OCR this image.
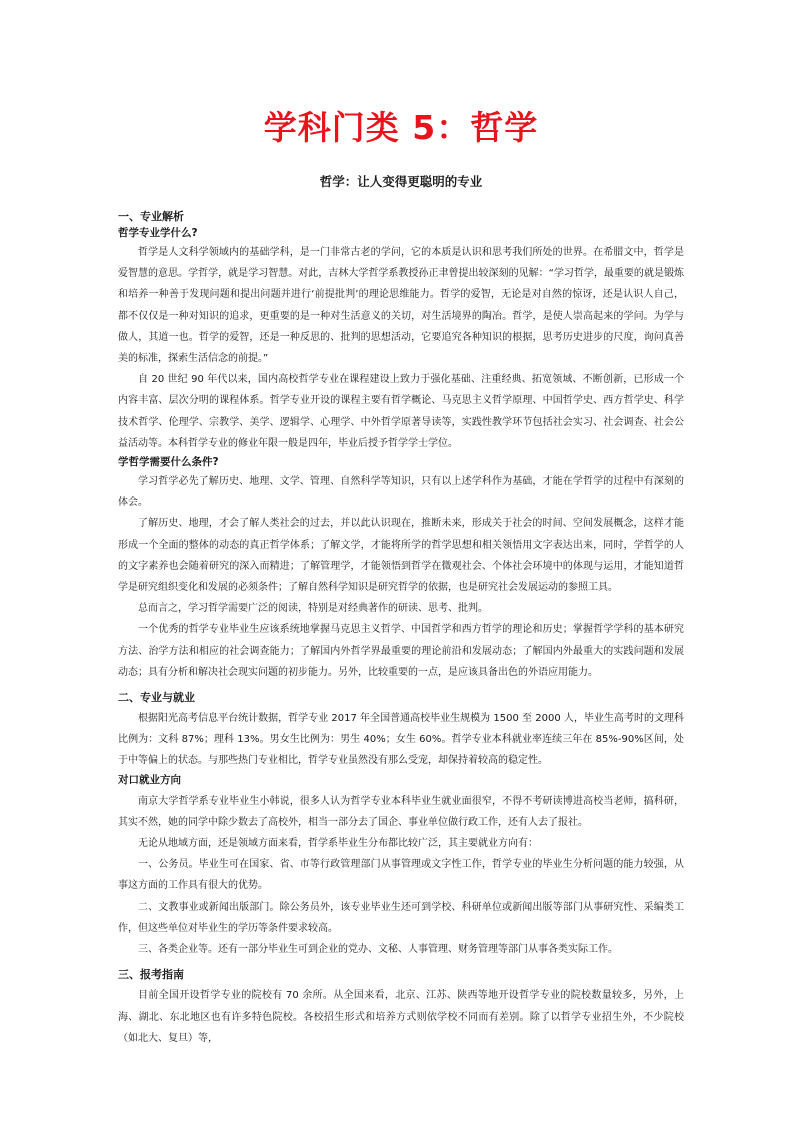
学科门类 5：哲学
哲学：让人变得更聪明的专业
一、专业解析
哲学专业学什么?

哲学是人文科学领域内的基础学科，是一门非常古老的学问，它的本质是认识和思考我们所处的世界。在希腊文中，哲学是爱智慧的意思。学哲学，就是学习智慧。对此，吉林大学哲学系教授孙正聿曾提出较深刻的见解：“学习哲学，最重要的就是锻炼和培养一种善于发现问题和提出问题并进行‘前提批判’的理论思维能力。哲学的爱智，无论是对自然的惊讶，还是认识人自己，都不仅仅是一种对知识的追求，更重要的是一种对生活意义的关切，对生活境界的陶冶。哲学，是使人崇高起来的学问。为学与做人，其道一也。哲学的爱智，还是一种反思的、批判的思想活动，它要追究各种知识的根据，思考历史进步的尺度，询问真善美的标准，探索生活信念的前提。”

自 20 世纪 90 年代以来，国内高校哲学专业在课程建设上致力于强化基础、注重经典、拓宽领域、不断创新，已形成一个内容丰富、层次分明的课程体系。哲学专业开设的课程主要有哲学概论、马克思主义哲学原理、中国哲学史、西方哲学史、科学技术哲学、伦理学、宗教学、美学、逻辑学、心理学、中外哲学原著导读等，实践性教学环节包括社会实习、社会调查、社会公益活动等。本科哲学专业的修业年限一般是四年，毕业后授予哲学学士学位。

学哲学需要什么条件?

学习哲学必先了解历史、地理、文学、管理、自然科学等知识，只有以上述学科作为基础，才能在学哲学的过程中有深刻的体会。

了解历史、地理，才会了解人类社会的过去，并以此认识现在，推断未来，形成关于社会的时间、空间发展概念，这样才能形成一个全面的整体的动态的真正哲学体系；了解文学，才能将所学的哲学思想和相关领悟用文字表达出来，同时，学哲学的人的文字素养也会随着研究的深入而精进；了解管理学，才能领悟到哲学在微观社会、个体社会环境中的体现与运用，才能知道哲学是研究组织变化和发展的必须条件；了解自然科学知识是研究哲学的依据，也是研究社会发展运动的参照工具。

总而言之，学习哲学需要广泛的阅读，特别是对经典著作的研读、思考、批判。

一个优秀的哲学专业毕业生应该系统地掌握马克思主义哲学、中国哲学和西方哲学的理论和历史；掌握哲学学科的基本研究方法、治学方法和相应的社会调查能力；了解国内外哲学界最重要的理论前沿和发展动态；了解国内外最重大的实践问题和发展动态；具有分析和解决社会现实问题的初步能力。另外，比较重要的一点，是应该具备出色的外语应用能力。

二、专业与就业

根据阳光高考信息平台统计数据，哲学专业 2017 年全国普通高校毕业生规模为 1500 至 2000 人，毕业生高考时的文理科比例为：文科 87%；理科 13%。男女生比例为：男生 40%；女生 60%。哲学专业本科就业率连续三年在 85%-90%区间，处于中等偏上的状态。与那些热门专业相比，哲学专业虽然没有那么受宠，却保持着较高的稳定性。

对口就业方向

南京大学哲学系专业毕业生小韩说，很多人认为哲学专业本科毕业生就业面很窄，不得不考研读博进高校当老师，搞科研，其实不然，她的同学中除少数去了高校外，相当一部分去了国企、事业单位做行政工作，还有人去了报社。

无论从地域方面，还是领域方面来看，哲学系毕业生分布都比较广泛，其主要就业方向有：

一、公务员。毕业生可在国家、省、市等行政管理部门从事管理或文字性工作，哲学专业的毕业生分析问题的能力较强，从事这方面的工作具有很大的优势。

二、文教事业或新闻出版部门。除公务员外，该专业毕业生还可到学校、科研单位或新闻出版等部门从事研究性、采编类工作，但这些单位对毕业生的学历等条件要求较高。

三、各类企业等。还有一部分毕业生可到企业的党办、文秘、人事管理、财务管理等部门从事各类实际工作。

三、报考指南

目前全国开设哲学专业的院校有 70 余所。从全国来看，北京、江苏、陕西等地开设哲学专业的院校数量较多，另外，上海、湖北、东北地区也有许多特色院校。各校招生形式和培养方式则依学校不同而有差别。除了以哲学专业招生外，不少院校（如北大、复旦）等，
